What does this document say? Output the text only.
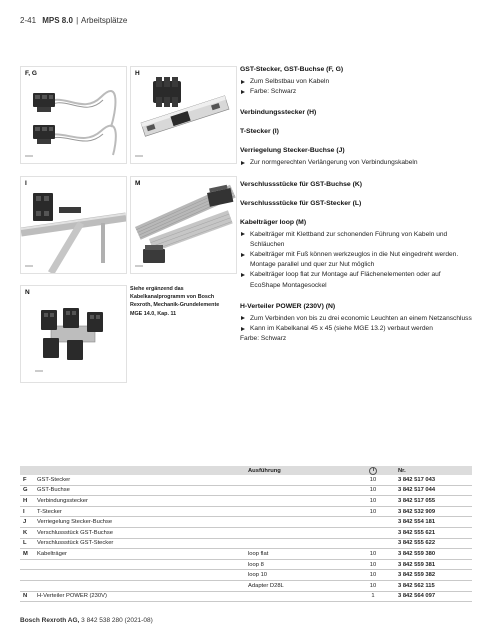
2-41 MPS 8.0 | Arbeitsplätze
F, G	H
I	M
N	Siehe ergänzend das Kabelkanalprogramm von Bosch Rexroth, Mechanik-Grundelemente MGE 14.0, Kap. 11
GST-Stecker, GST-Buchse (F, G)
Zum Selbstbau von Kabeln
Farbe: Schwarz
Verbindungsstecker (H)
T-Stecker (I)
Verriegelung Stecker-Buchse (J)
Zur normgerechten Verlängerung von Verbindungskabeln
Verschlussstücke für GST-Buchse (K)
Verschlussstücke für GST-Stecker (L)
Kabelträger loop (M)
Kabelträger mit Klettband zur schonenden Führung von Kabeln und Schläuchen
Kabelträger mit Fuß können werkzeuglos in die Nut eingedreht werden. Montage parallel und quer zur Nut möglich
Kabelträger loop flat zur Montage auf Flächenelementen oder auf EcoShape Montagesockel
H-Verteiler POWER (230V) (N)
Zum Verbinden von bis zu drei economic Leuchten an einem Netzanschluss
Kann im Kabelkanal 45 x 45 (siehe MGE 13.2) verbaut werden
Farbe: Schwarz
		Ausführung		Nr.
F	GST-Stecker		10	3 842 517 043
G	GST-Buchse		10	3 842 517 044
H	Verbindungsstecker		10	3 842 517 055
I	T-Stecker		10	3 842 532 909
J	Verriegelung Stecker-Buchse			3 842 554 181
K	Verschlussstück GST-Buchse			3 842 555 621
L	Verschlussstück GST-Stecker			3 842 555 622
M	Kabelträger	loop flat	10	3 842 559 380
		loop 8	10	3 842 559 381
		loop 10	10	3 842 559 382
		Adapter D28L	10	3 842 562 115
N	H-Verteiler POWER (230V)		1	3 842 564 097
Bosch Rexroth AG, 3 842 538 280 (2021-08)
